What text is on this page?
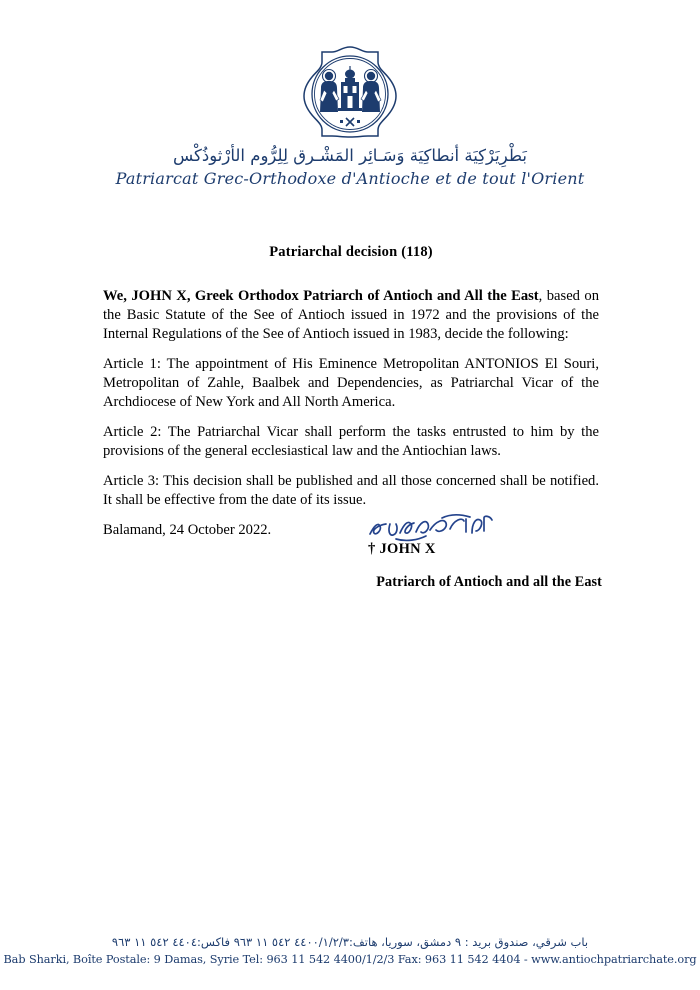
بَطْرِيَرْكِيَة أنطاكِيَة وَسَـائِر المَشْـرق لِلِرُّوم الأرْثوذُكْس
Patriarcat Grec-Orthodoxe d'Antioche et de tout l'Orient
Patriarchal decision (118)

We, JOHN X, Greek Orthodox Patriarch of Antioch and All the East, based on the Basic Statute of the See of Antioch issued in 1972 and the provisions of the Internal Regulations of the See of Antioch issued in 1983, decide the following:

Article 1: The appointment of His Eminence Metropolitan ANTONIOS El Souri, Metropolitan of Zahle, Baalbek and Dependencies, as Patriarchal Vicar of the Archdiocese of New York and All North America.

Article 2: The Patriarchal Vicar shall perform the tasks entrusted to him by the provisions of the general ecclesiastical law and the Antiochian laws.

Article 3: This decision shall be published and all those concerned shall be notified. It shall be effective from the date of its issue.

Balamand, 24 October 2022.

† JOHN X
Patriarch of Antioch and all the East
باب شرقي، صندوق بريد : ٩ دمشق، سوريا، هاتف:٤٤٠٠/١/٢/٣ ٥٤٢ ١١ ٩٦٣ فاكس:٤٤٠٤ ٥٤٢ ١١ ٩٦٣
Bab Sharki, Boîte Postale: 9 Damas, Syrie Tel: 963 11 542 4400/1/2/3 Fax: 963 11 542 4404 - www.antiochpatriarchate.org
